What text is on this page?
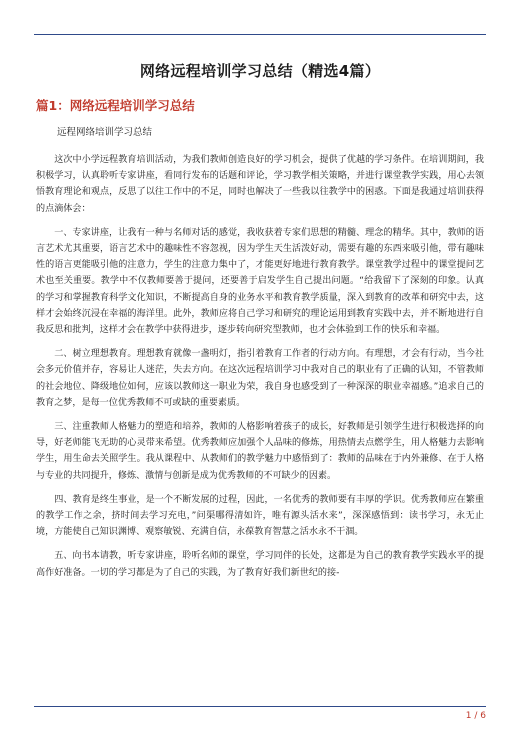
网络远程培训学习总结（精选4篇）
篇1：网络远程培训学习总结
远程网络培训学习总结

这次中小学远程教育培训活动，为我们教师创造良好的学习机会，提供了优越的学习条件。在培训期间，我积极学习，认真聆听专家讲座，看同行发布的话题和评论，学习教学相关策略，并进行课堂教学实践，用心去领悟教育理论和观点，反思了以往工作中的不足，同时也解决了一些我以往教学中的困惑。下面是我通过培训获得的点滴体会：

一、专家讲座，让我有一种与名师对话的感觉，我收获着专家们思想的精髓、理念的精华。其中，教师的语言艺术尤其重要，语言艺术中的趣味性不容忽视，因为学生天生活泼好动，需要有趣的东西来吸引他，带有趣味性的语言更能吸引他的注意力，学生的注意力集中了，才能更好地进行教育教学。课堂教学过程中的课堂提问艺术也至关重要。教学中不仅教师要善于提问，还要善于启发学生自己提出问题。“给我留下了深刻的印象。认真的学习和掌握教育科学文化知识，不断提高自身的业务水平和教育教学质量，深入到教育的改革和研究中去，这样才会始终沉浸在幸福的海洋里。此外，教师应将自己学习和研究的理论运用到教育实践中去，并不断地进行自我反思和批判，这样才会在教学中获得进步，逐步转向研究型教师，也才会体验到工作的快乐和幸福。

二、树立理想教育。理想教育就像一盏明灯，指引着教育工作者的行动方向。有理想，才会有行动，当今社会多元价值并存，容易让人迷茫，失去方向。在这次远程培训学习中我对自己的职业有了正确的认知，不管教师的社会地位、降级地位如何，应该以教师这一职业为荣，我自身也感受到了一种深深的职业幸福感。”追求自己的教育之梦，是每一位优秀教师不可或缺的重要素质。

三、注重教师人格魅力的塑造和培养，教师的人格影响着孩子的成长，好教师是引领学生进行积极选择的向导，好老师能飞无助的心灵带来希望。优秀教师应加强个人品味的修炼，用热情去点燃学生，用人格魅力去影响学生，用生命去关照学生。我从课程中、从教师们的教学魅力中感悟到了：教师的品味在于内外兼修、在于人格与专业的共同提升，修炼、激情与创新是成为优秀教师的不可缺少的因素。

四、教育是终生事业，是一个不断发展的过程，因此，一名优秀的教师要有丰厚的学识。优秀教师应在繁重的教学工作之余，挤时间去学习充电，”问渠哪得清如许，唯有源头活水来”，深深感悟到：读书学习，永无止境，方能使自己知识渊博、观察敏锐、充满自信，永葆教育智慧之活水永不干涸。

五、向书本请教，听专家讲座，聆听名师的课堂，学习同伴的长处，这都是为自己的教育教学实践水平的提高作好准备。一切的学习都是为了自己的实践，为了教育好我们新世纪的接-

1 / 6
